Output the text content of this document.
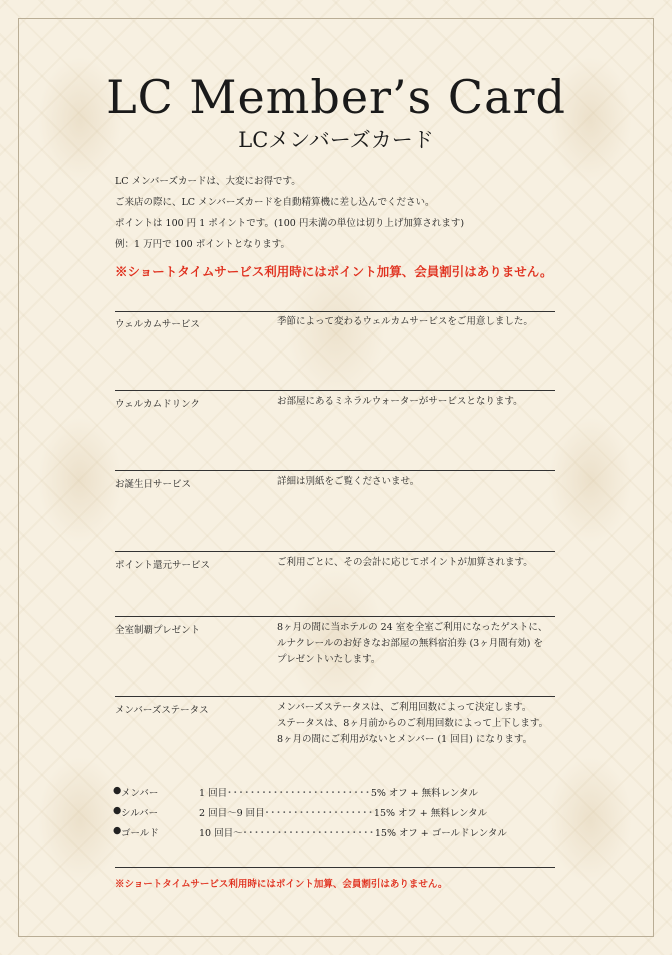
LC Member’s Card
LCメンバーズカード
LC メンバーズカードは、大変にお得です。
ご来店の際に、LC メンバーズカードを自動精算機に差し込んでください。
ポイントは 100 円 1 ポイントです。(100 円未満の単位は切り上げ加算されます)
例：1 万円で 100 ポイントとなります。
※ショートタイムサービス利用時にはポイント加算、会員割引はありません。
ウェルカムサービス	季節によって変わるウェルカムサービスをご用意しました。
ウェルカムドリンク	お部屋にあるミネラルウォーターがサービスとなります。
お誕生日サービス	詳細は別紙をご覧くださいませ。
ポイント還元サービス	ご利用ごとに、その会計に応じてポイントが加算されます。
全室制覇プレゼント	8ヶ月の間に当ホテルの 24 室を全室ご利用になったゲストに、
ルナクレールのお好きなお部屋の無料宿泊券 (3ヶ月間有効) を
プレゼントいたします。
メンバーズステータス	メンバーズステータスは、ご利用回数によって決定します。
ステータスは、8ヶ月前からのご利用回数によって上下します。
8ヶ月の間にご利用がないとメンバー (1 回目) になります。
● メンバー	1 回目 ･････････････････････････ 5% オフ + 無料レンタル
● シルバー	2 回目～9 回目 ･･･････････････････ 15% オフ + 無料レンタル
● ゴールド	10 回目～ ･･･････････････････････ 15% オフ + ゴールドレンタル
※ショートタイムサービス利用時にはポイント加算、会員割引はありません。
